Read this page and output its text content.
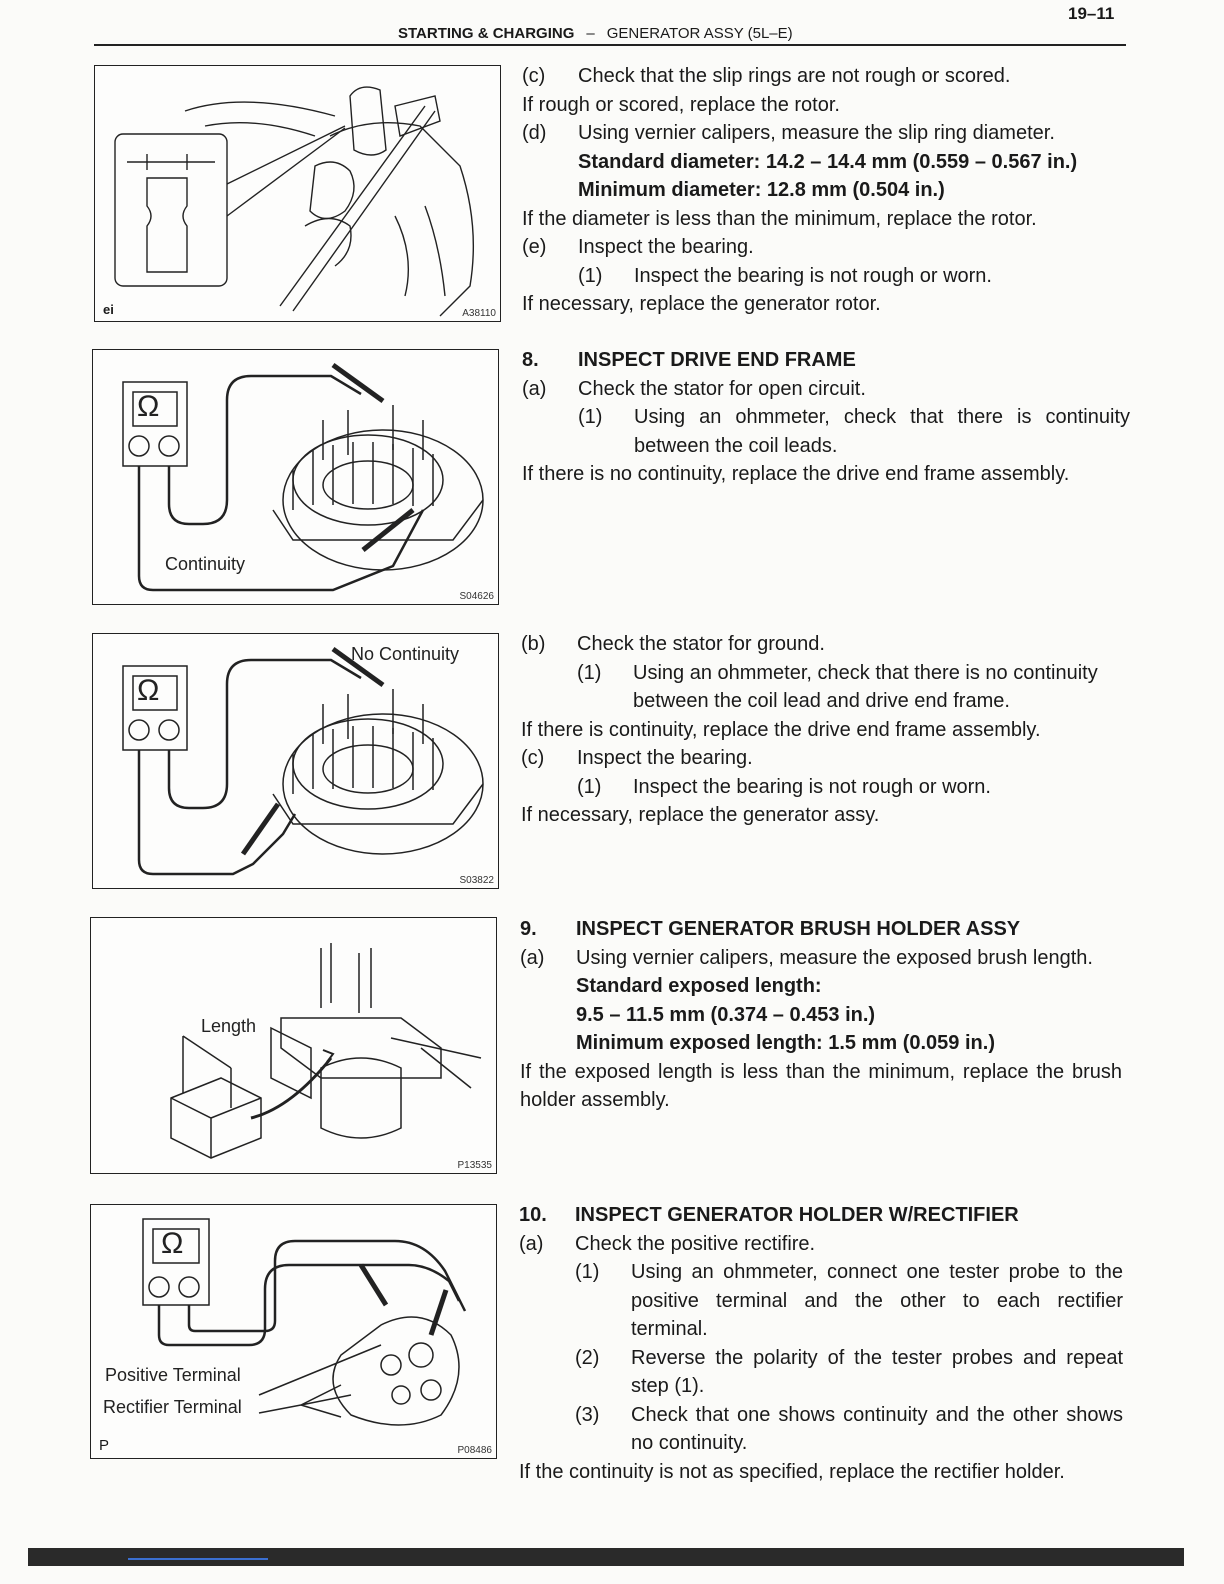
19–11
STARTING & CHARGING – GENERATOR ASSY (5L–E)
ei	A38110
Ω
Continuity
S04626
Ω
No Continuity
S03822
Length
P13535
Ω
Positive Terminal
Rectifier Terminal
P	P08486
(c) Check that the slip rings are not rough or scored.

If rough or scored, replace the rotor.

(d) Using vernier calipers, measure the slip ring diameter.
Standard diameter: 14.2 – 14.4 mm (0.559 – 0.567 in.)
Minimum diameter: 12.8 mm (0.504 in.)

If the diameter is less than the minimum, replace the rotor.

(e) Inspect the bearing.
(1) Inspect the bearing is not rough or worn.

If necessary, replace the generator rotor.

8. INSPECT DRIVE END FRAME
(a) Check the stator for open circuit.
(1) Using an ohmmeter, check that there is continuity between the coil leads.

If there is no continuity, replace the drive end frame assembly.

(b) Check the stator for ground.
(1) Using an ohmmeter, check that there is no continuity between the coil lead and drive end frame.

If there is continuity, replace the drive end frame assembly.

(c) Inspect the bearing.
(1) Inspect the bearing is not rough or worn.

If necessary, replace the generator assy.

9. INSPECT GENERATOR BRUSH HOLDER ASSY
(a) Using vernier calipers, measure the exposed brush length.
Standard exposed length:
9.5 – 11.5 mm (0.374 – 0.453 in.)
Minimum exposed length: 1.5 mm (0.059 in.)

If the exposed length is less than the minimum, replace the brush holder assembly.

10. INSPECT GENERATOR HOLDER W/RECTIFIER
(a) Check the positive rectifire.
(1) Using an ohmmeter, connect one tester probe to the positive terminal and the other to each rectifier terminal.
(2) Reverse the polarity of the tester probes and repeat step (1).
(3) Check that one shows continuity and the other shows no continuity.

If the continuity is not as specified, replace the rectifier holder.
